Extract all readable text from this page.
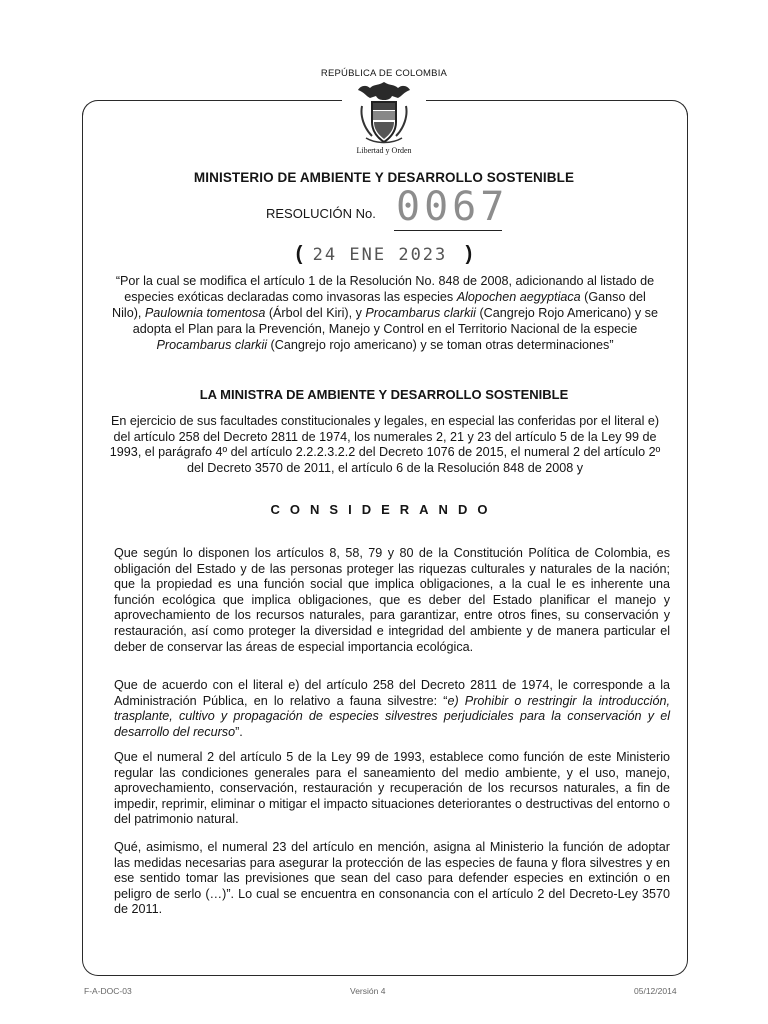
REPÚBLICA DE COLOMBIA
Libertad y Orden
MINISTERIO DE AMBIENTE Y DESARROLLO SOSTENIBLE
RESOLUCIÓN No. 0067
( 24 ENE 2023 )
“Por la cual se modifica el artículo 1 de la Resolución No. 848 de 2008, adicionando al listado de especies exóticas declaradas como invasoras las especies Alopochen aegyptiaca (Ganso del Nilo), Paulownia tomentosa (Árbol del Kiri), y Procambarus clarkii (Cangrejo Rojo Americano) y se adopta el Plan para la Prevención, Manejo y Control en el Territorio Nacional de la especie Procambarus clarkii (Cangrejo rojo americano) y se toman otras determinaciones”
LA MINISTRA DE AMBIENTE Y DESARROLLO SOSTENIBLE
En ejercicio de sus facultades constitucionales y legales, en especial las conferidas por el literal e) del artículo 258 del Decreto 2811 de 1974, los numerales 2, 21 y 23 del artículo 5 de la Ley 99 de 1993, el parágrafo 4º del artículo 2.2.2.3.2.2 del Decreto 1076 de 2015, el numeral 2 del artículo 2º del Decreto 3570 de 2011, el artículo 6 de la Resolución 848 de 2008 y
CONSIDERANDO
Que según lo disponen los artículos 8, 58, 79 y 80 de la Constitución Política de Colombia, es obligación del Estado y de las personas proteger las riquezas culturales y naturales de la nación; que la propiedad es una función social que implica obligaciones, a la cual le es inherente una función ecológica que implica obligaciones, que es deber del Estado planificar el manejo y aprovechamiento de los recursos naturales, para garantizar, entre otros fines, su conservación y restauración, así como proteger la diversidad e integridad del ambiente y de manera particular el deber de conservar las áreas de especial importancia ecológica.
Que de acuerdo con el literal e) del artículo 258 del Decreto 2811 de 1974, le corresponde a la Administración Pública, en lo relativo a fauna silvestre: “e) Prohibir o restringir la introducción, trasplante, cultivo y propagación de especies silvestres perjudiciales para la conservación y el desarrollo del recurso”.
Que el numeral 2 del artículo 5 de la Ley 99 de 1993, establece como función de este Ministerio regular las condiciones generales para el saneamiento del medio ambiente, y el uso, manejo, aprovechamiento, conservación, restauración y recuperación de los recursos naturales, a fin de impedir, reprimir, eliminar o mitigar el impacto situaciones deteriorantes o destructivas del entorno o del patrimonio natural.
Qué, asimismo, el numeral 23 del artículo en mención, asigna al Ministerio la función de adoptar las medidas necesarias para asegurar la protección de las especies de fauna y flora silvestres y en ese sentido tomar las previsiones que sean del caso para defender especies en extinción o en peligro de serlo (…)”. Lo cual se encuentra en consonancia con el artículo 2 del Decreto-Ley 3570 de 2011.
F-A-DOC-03	Versión 4	05/12/2014
